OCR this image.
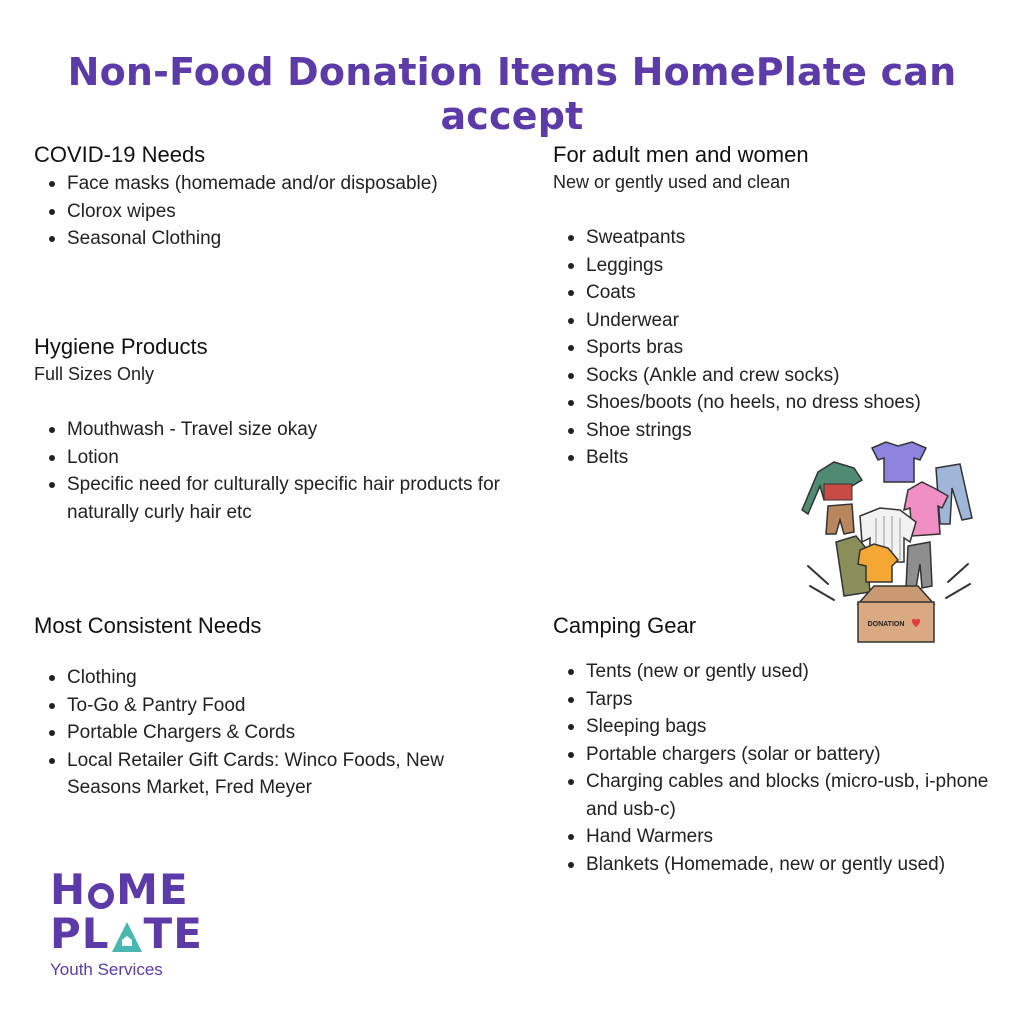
Non-Food Donation Items HomePlate can accept
COVID-19 Needs
Face masks (homemade and/or disposable)
Clorox wipes
Seasonal Clothing
For adult men and women
New or gently used and clean
Sweatpants
Leggings
Coats
Underwear
Sports bras
Socks (Ankle and crew socks)
Shoes/boots (no heels, no dress shoes)
Shoe strings
Belts
Hygiene Products
Full Sizes Only
Mouthwash - Travel size okay
Lotion
Specific need for culturally specific hair products for naturally curly hair etc
Most Consistent Needs
Clothing
To-Go & Pantry Food
Portable Chargers & Cords
Local Retailer Gift Cards: Winco Foods, New Seasons Market, Fred Meyer
Camping Gear
Tents (new or gently used)
Tarps
Sleeping bags
Portable chargers (solar or battery)
Charging cables and blocks (micro-usb, i-phone and usb-c)
Hand Warmers
Blankets (Homemade, new or gently used)
DONATION
H ME
PL TE
Youth Services
